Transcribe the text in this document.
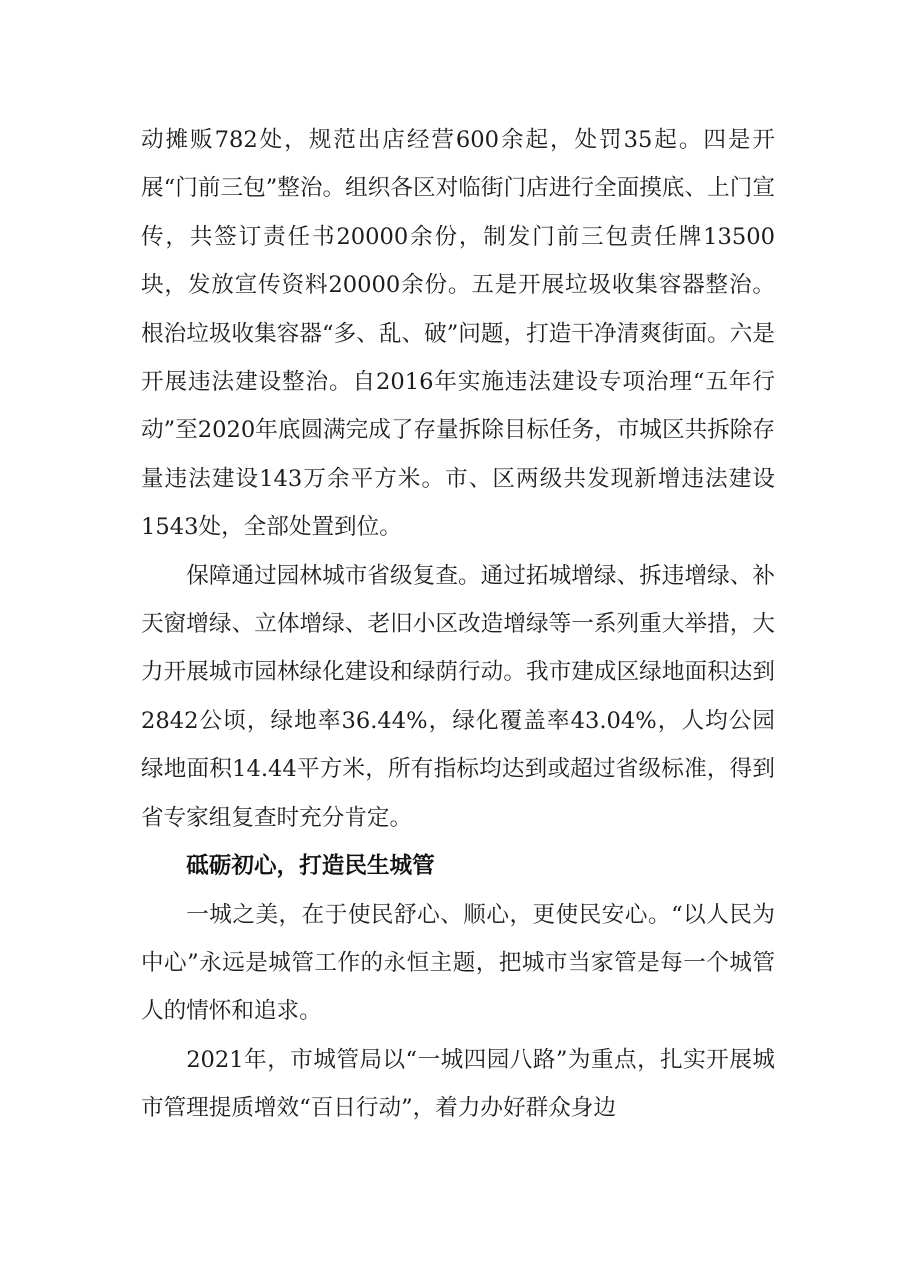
动摊贩782处，规范出店经营600余起，处罚35起。四是开展“门前三包”整治。组织各区对临街门店进行全面摸底、上门宣传，共签订责任书20000余份，制发门前三包责任牌13500块，发放宣传资料20000余份。五是开展垃圾收集容器整治。根治垃圾收集容器“多、乱、破”问题，打造干净清爽街面。六是开展违法建设整治。自2016年实施违法建设专项治理“五年行动”至2020年底圆满完成了存量拆除目标任务，市城区共拆除存量违法建设143万余平方米。市、区两级共发现新增违法建设1543处，全部处置到位。

保障通过园林城市省级复查。通过拓城增绿、拆违增绿、补天窗增绿、立体增绿、老旧小区改造增绿等一系列重大举措，大力开展城市园林绿化建设和绿荫行动。我市建成区绿地面积达到2842公顷，绿地率36.44%，绿化覆盖率43.04%，人均公园绿地面积14.44平方米，所有指标均达到或超过省级标准，得到省专家组复查时充分肯定。

砥砺初心，打造民生城管

一城之美，在于使民舒心、顺心，更使民安心。“以人民为中心”永远是城管工作的永恒主题，把城市当家管是每一个城管人的情怀和追求。

2021年，市城管局以“一城四园八路”为重点，扎实开展城市管理提质增效“百日行动”，着力办好群众身边
